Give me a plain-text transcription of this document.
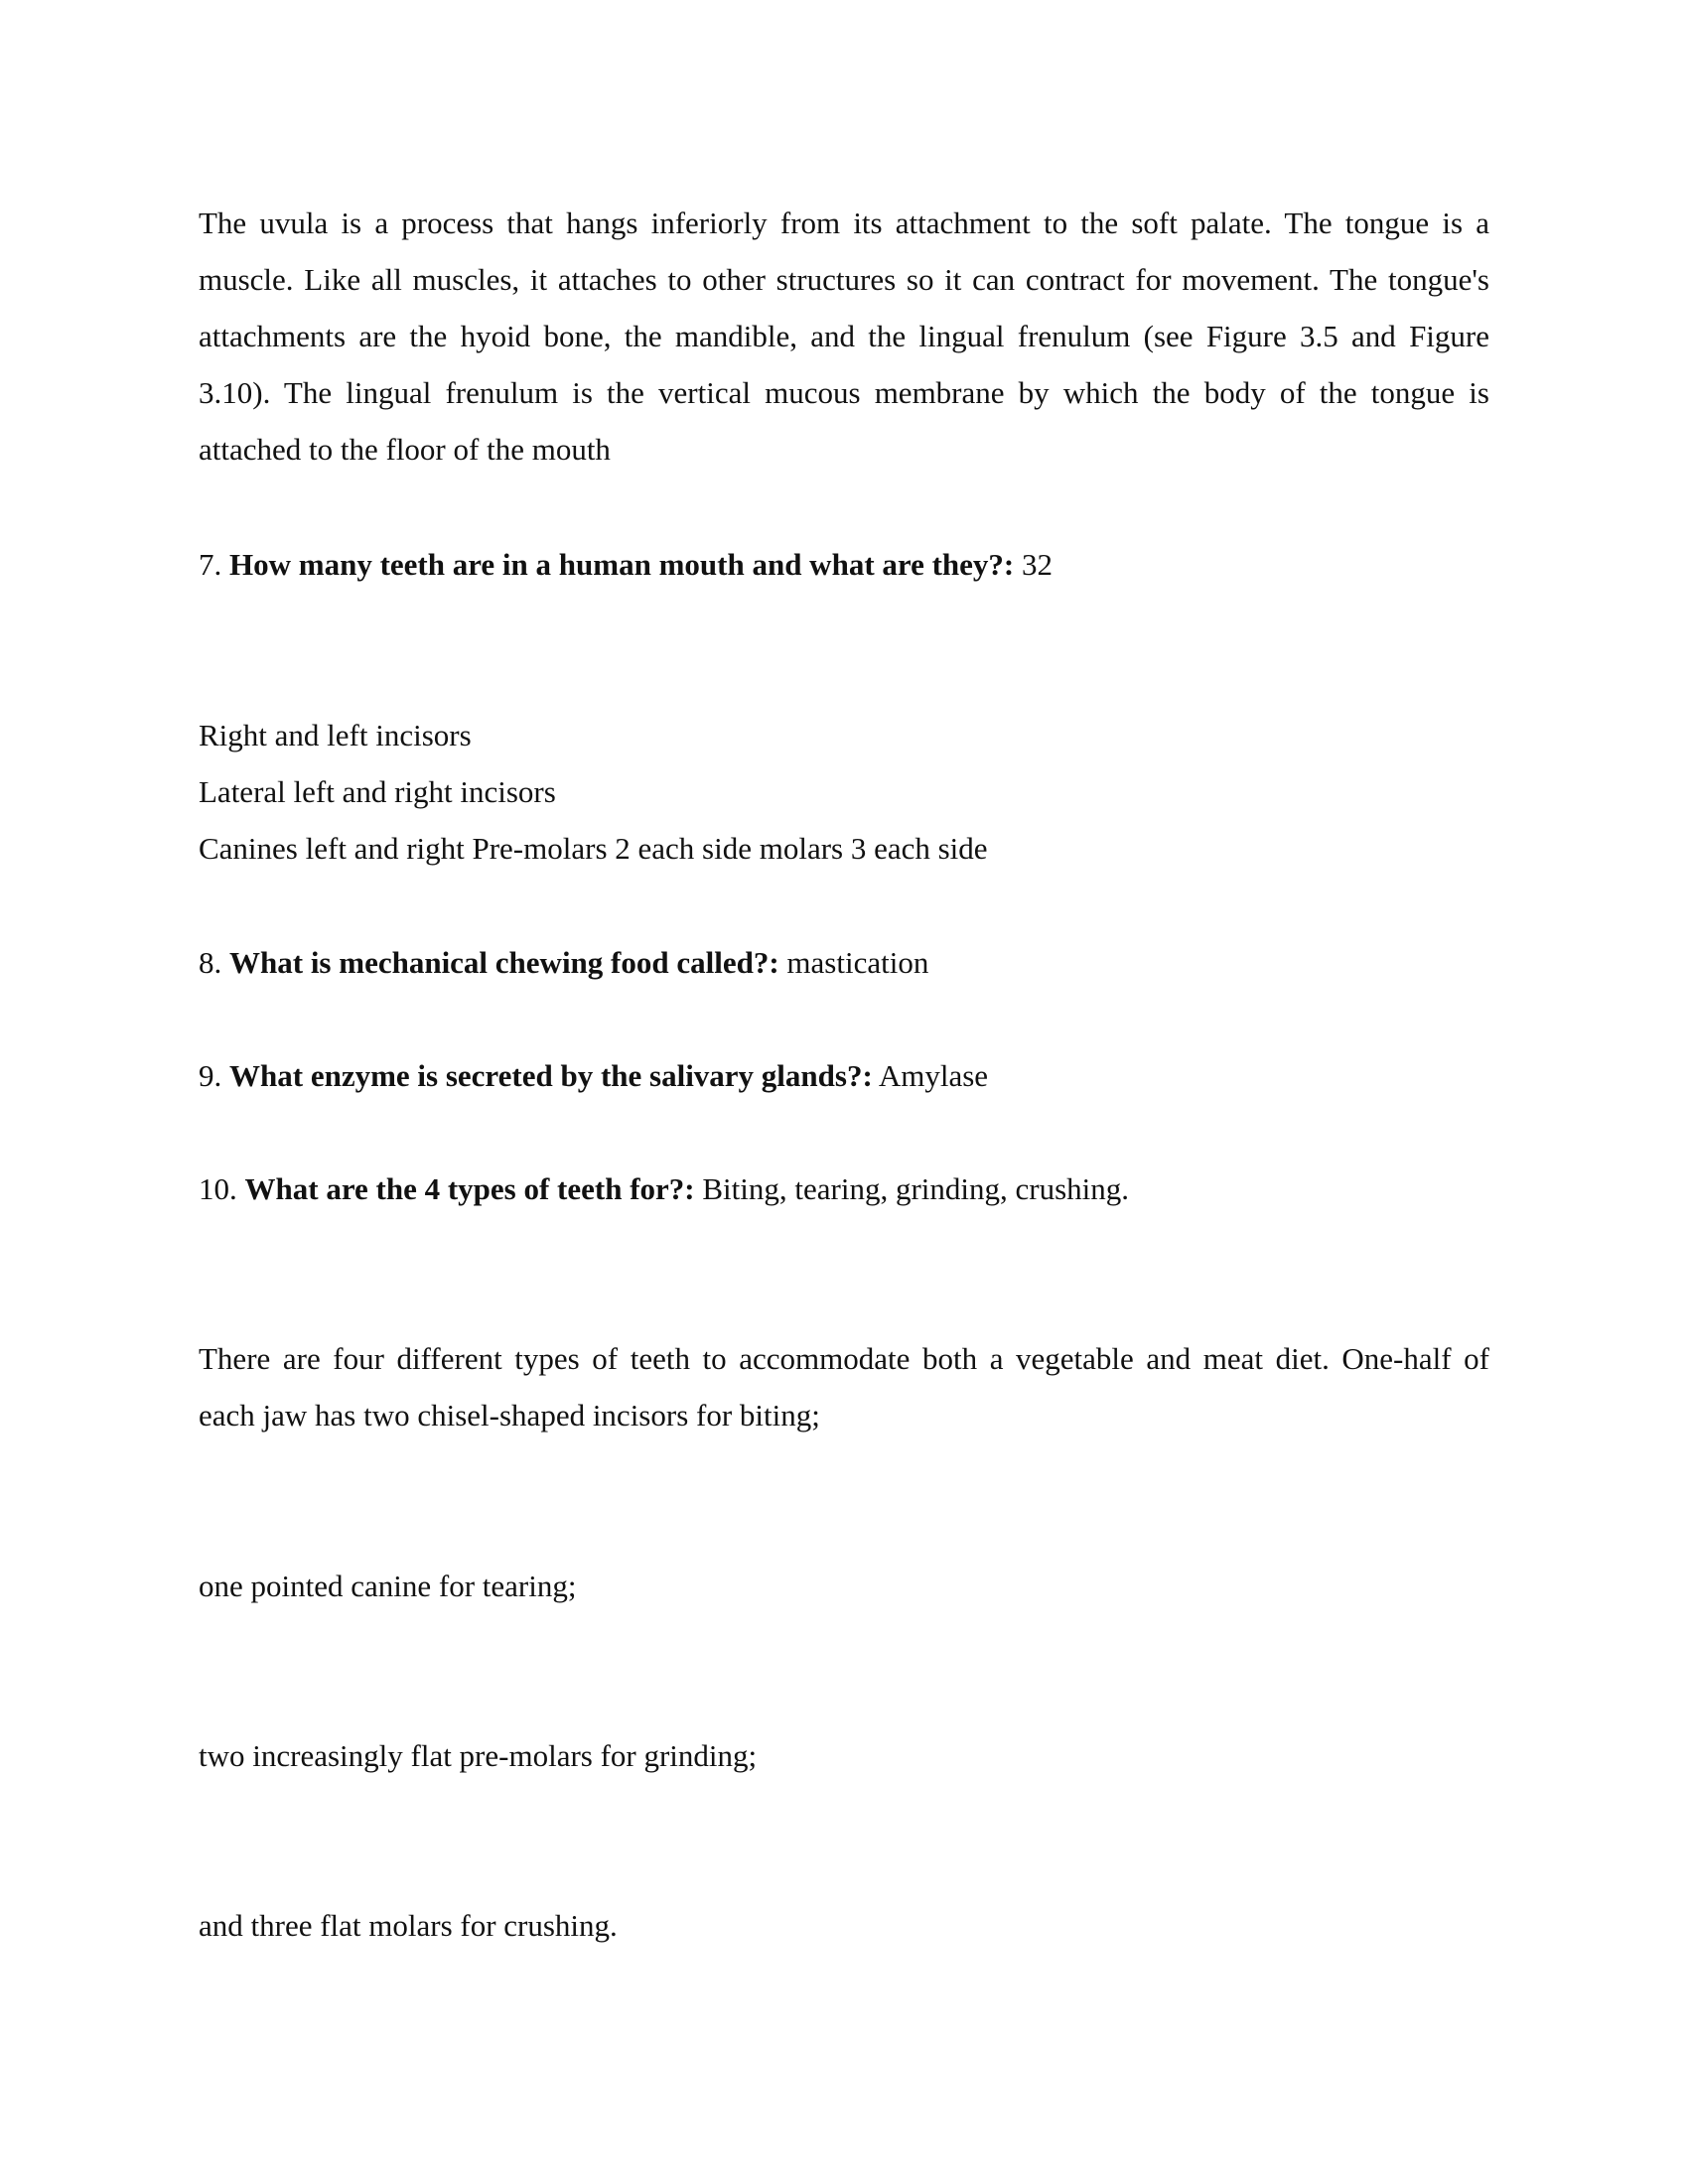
The uvula is a process that hangs inferiorly from its attachment to the soft palate. The tongue is a

muscle. Like all muscles, it attaches to other structures so it can contract for movement. The tongue's

attachments are the hyoid bone, the mandible, and the lingual frenulum (see Figure 3.5 and Figure

3.10). The lingual frenulum is the vertical mucous membrane by which the body of the tongue is

attached to the floor of the mouth

7. How many teeth are in a human mouth and what are they?: 32

Right and left incisors

Lateral left and right incisors

Canines left and right Pre-molars 2 each side molars 3 each side

8. What is mechanical chewing food called?: mastication

9. What enzyme is secreted by the salivary glands?: Amylase

10. What are the 4 types of teeth for?: Biting, tearing, grinding, crushing.

There are four different types of teeth to accommodate both a vegetable and meat diet. One-half of

each jaw has two chisel-shaped incisors for biting;

one pointed canine for tearing;

two increasingly flat pre-molars for grinding;

and three flat molars for crushing.
